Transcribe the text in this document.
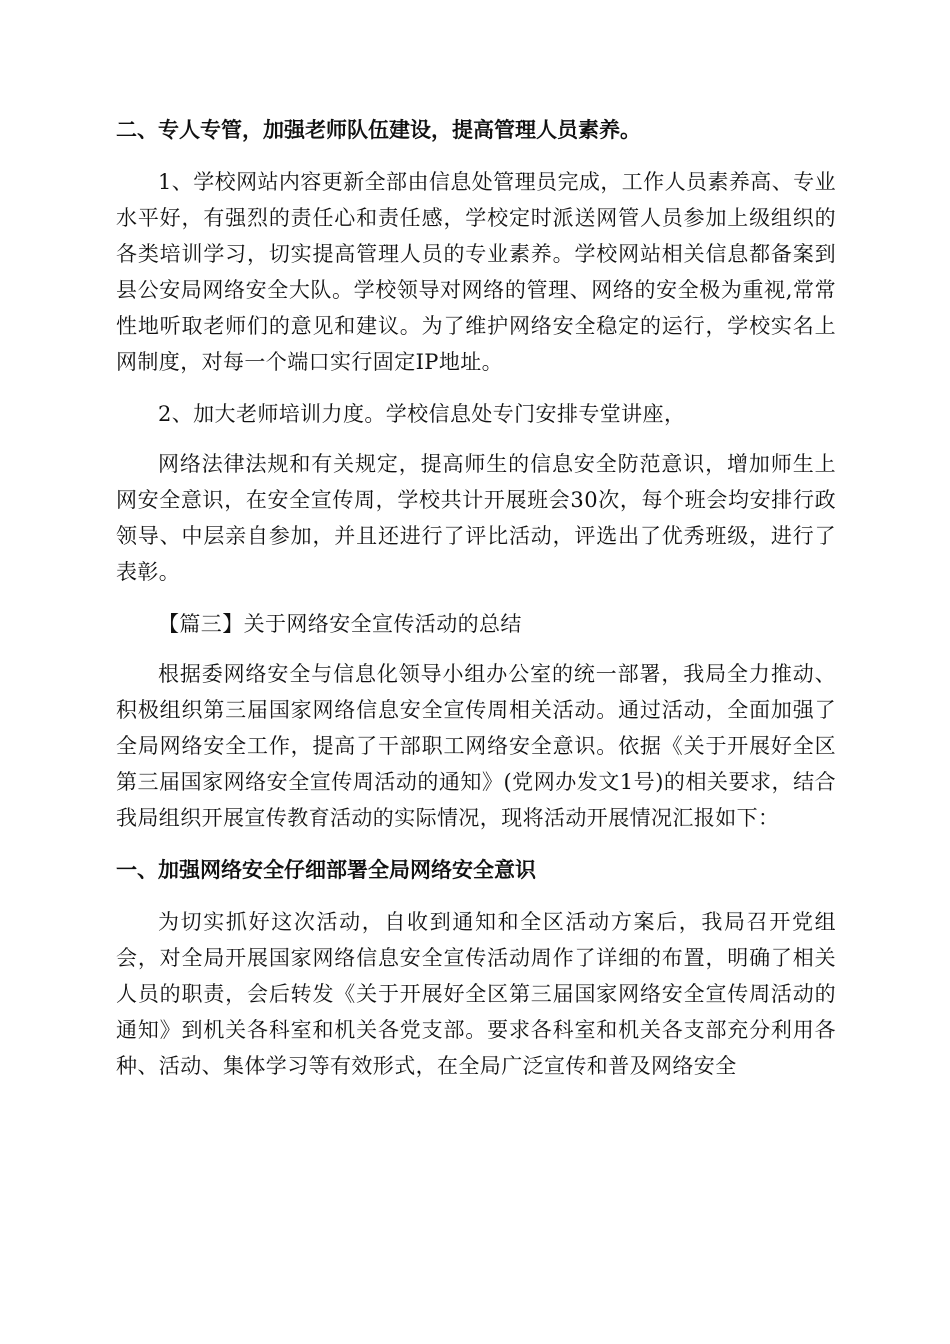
二、专人专管，加强老师队伍建设，提高管理人员素养。

1、学校网站内容更新全部由信息处管理员完成，工作人员素养高、专业水平好，有强烈的责任心和责任感，学校定时派送网管人员参加上级组织的各类培训学习，切实提高管理人员的专业素养。学校网站相关信息都备案到县公安局网络安全大队。学校领导对网络的管理、网络的安全极为重视,常常性地听取老师们的意见和建议。为了维护网络安全稳定的运行，学校实名上网制度，对每一个端口实行固定IP地址。

2、加大老师培训力度。学校信息处专门安排专堂讲座，

网络法律法规和有关规定，提高师生的信息安全防范意识，增加师生上网安全意识，在安全宣传周，学校共计开展班会30次，每个班会均安排行政领导、中层亲自参加，并且还进行了评比活动，评选出了优秀班级，进行了表彰。

【篇三】关于网络安全宣传活动的总结

根据委网络安全与信息化领导小组办公室的统一部署，我局全力推动、积极组织第三届国家网络信息安全宣传周相关活动。通过活动，全面加强了全局网络安全工作，提高了干部职工网络安全意识。依据《关于开展好全区第三届国家网络安全宣传周活动的通知》(党网办发文1号)的相关要求，结合我局组织开展宣传教育活动的实际情况，现将活动开展情况汇报如下：

一、加强网络安全仔细部署全局网络安全意识

为切实抓好这次活动，自收到通知和全区活动方案后，我局召开党组会，对全局开展国家网络信息安全宣传活动周作了详细的布置，明确了相关人员的职责，会后转发《关于开展好全区第三届国家网络安全宣传周活动的通知》到机关各科室和机关各党支部。要求各科室和机关各支部充分利用各种、活动、集体学习等有效形式，在全局广泛宣传和普及网络安全
